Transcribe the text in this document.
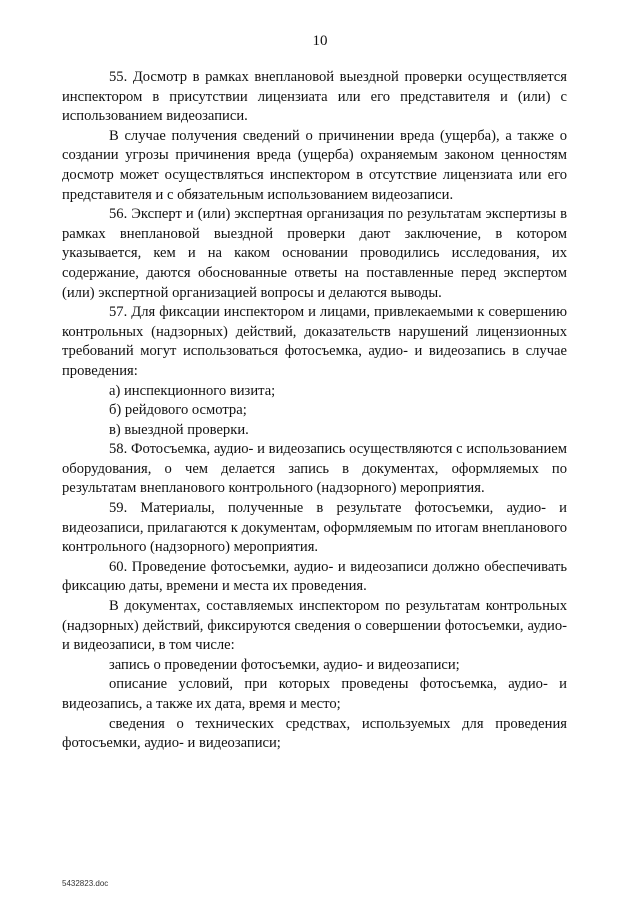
10

55. Досмотр в рамках внеплановой выездной проверки осуществляется инспектором в присутствии лицензиата или его представителя и (или) с использованием видеозаписи.

В случае получения сведений о причинении вреда (ущерба), а также о создании угрозы причинения вреда (ущерба) охраняемым законом ценностям досмотр может осуществляться инспектором в отсутствие лицензиата или его представителя и с обязательным использованием видеозаписи.

56. Эксперт и (или) экспертная организация по результатам экспертизы в рамках внеплановой выездной проверки дают заключение, в котором указывается, кем и на каком основании проводились исследования, их содержание, даются обоснованные ответы на поставленные перед экспертом (или) экспертной организацией вопросы и делаются выводы.

57. Для фиксации инспектором и лицами, привлекаемыми к совершению контрольных (надзорных) действий, доказательств нарушений лицензионных требований могут использоваться фотосъемка, аудио- и видеозапись в случае проведения:

а) инспекционного визита;

б) рейдового осмотра;

в) выездной проверки.

58. Фотосъемка, аудио- и видеозапись осуществляются с использованием оборудования, о чем делается запись в документах, оформляемых по результатам внепланового контрольного (надзорного) мероприятия.

59. Материалы, полученные в результате фотосъемки, аудио- и видеозаписи, прилагаются к документам, оформляемым по итогам внепланового контрольного (надзорного) мероприятия.

60. Проведение фотосъемки, аудио- и видеозаписи должно обеспечивать фиксацию даты, времени и места их проведения.

В документах, составляемых инспектором по результатам контрольных (надзорных) действий, фиксируются сведения о совершении фотосъемки, аудио- и видеозаписи, в том числе:

запись о проведении фотосъемки, аудио- и видеозаписи;

описание условий, при которых проведены фотосъемка, аудио- и видеозапись, а также их дата, время и место;

сведения о технических средствах, используемых для проведения фотосъемки, аудио- и видеозаписи;

5432823.doc
